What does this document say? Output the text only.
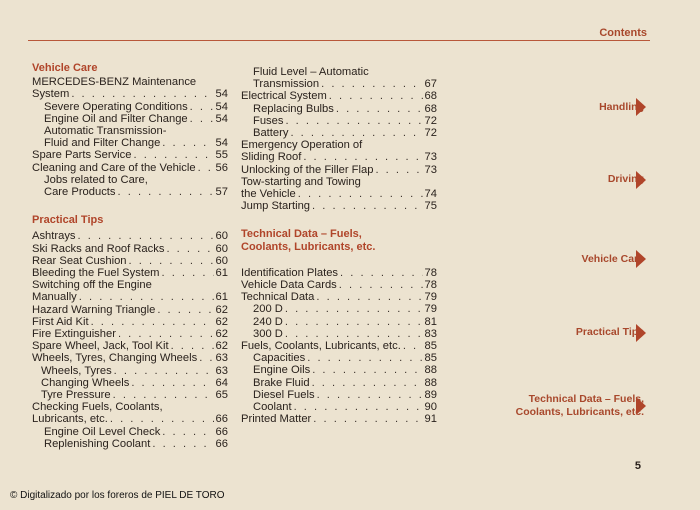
Contents
Vehicle Care
MERCEDES-BENZ Maintenance
System . . .	54
Severe Operating Conditions . . . 54
Engine Oil and Filter Change . . . 54
Automatic Transmission-
Fluid and Filter Change . . .	54
Spare Parts Service . . .	55
Cleaning and Care of the Vehicle . . . 56
Jobs related to Care,
Care Products . . .	57
Practical Tips
Ashtrays . . .	60
Ski Racks and Roof Racks . . .	60
Rear Seat Cushion . . .	60
Bleeding the Fuel System . . .	61
Switching off the Engine
Manually . . .	61
Hazard Warning Triangle . . .	62
First Aid Kit . . .	62
Fire Extinguisher . . .	62
Spare Wheel, Jack, Tool Kit . . .	62
Wheels, Tyres, Changing Wheels . . . 63
Wheels, Tyres . . .	63
Changing Wheels . . .	64
Tyre Pressure . . .	65
Checking Fuels, Coolants,
Lubricants, etc. . . .	66
Engine Oil Level Check . . .	66
Replenishing Coolant . . .	66
Fluid Level – Automatic
Transmission . . .	67
Electrical System . . .	68
Replacing Bulbs . . .	68
Fuses . . .	72
Battery . . .	72
Emergency Operation of
Sliding Roof . . .	73
Unlocking of the Filler Flap . . .	73
Tow-starting and Towing
the Vehicle . . .	74
Jump Starting . . .	75
Technical Data – Fuels,
Coolants, Lubricants, etc.
Identification Plates . . .	78
Vehicle Data Cards . . .	78
Technical Data . . .	79
200 D . . .	79
240 D . . .	81
300 D . . .	83
Fuels, Coolants, Lubricants, etc. . . . 85
Capacities . . .	85
Engine Oils . . .	88
Brake Fluid . . .	88
Diesel Fuels . . .	89
Coolant . . .	90
Printed Matter . . .	91
Handling
Driving
Vehicle Care
Practical Tips
Technical Data – Fuels,
Coolants, Lubricants, etc.
5
© Digitalizado por los foreros de PIEL DE TORO
